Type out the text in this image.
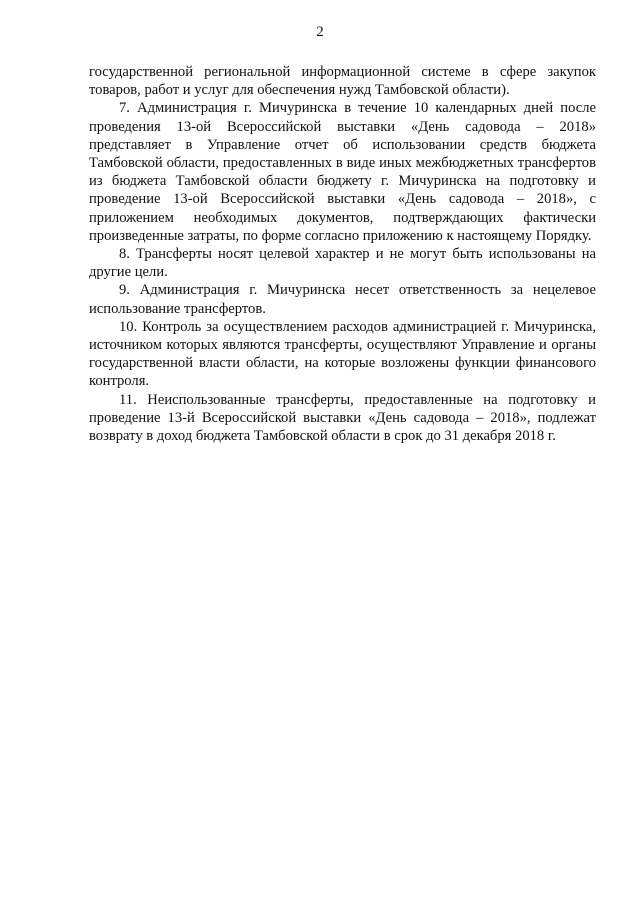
2

государственной региональной информационной системе в сфере закупок товаров, работ и услуг для обеспечения нужд Тамбовской области).

7. Администрация г. Мичуринска в течение 10 календарных дней после проведения 13-ой Всероссийской выставки «День садовода – 2018» представляет в Управление отчет об использовании средств бюджета Тамбовской области, предоставленных в виде иных межбюджетных трансфертов из бюджета Тамбовской области бюджету г. Мичуринска на подготовку и проведение 13-ой Всероссийской выставки «День садовода – 2018», с приложением необходимых документов, подтверждающих фактически произведенные затраты, по форме согласно приложению к настоящему Порядку.

8. Трансферты носят целевой характер и не могут быть использованы на другие цели.

9. Администрация г. Мичуринска несет ответственность за нецелевое использование трансфертов.

10. Контроль за осуществлением расходов администрацией г. Мичуринска, источником которых являются трансферты, осуществляют Управление и органы государственной власти области, на которые возложены функции финансового контроля.

11. Неиспользованные трансферты, предоставленные на подготовку и проведение 13-й Всероссийской выставки «День садовода – 2018», подлежат возврату в доход бюджета Тамбовской области в срок до 31 декабря 2018 г.
